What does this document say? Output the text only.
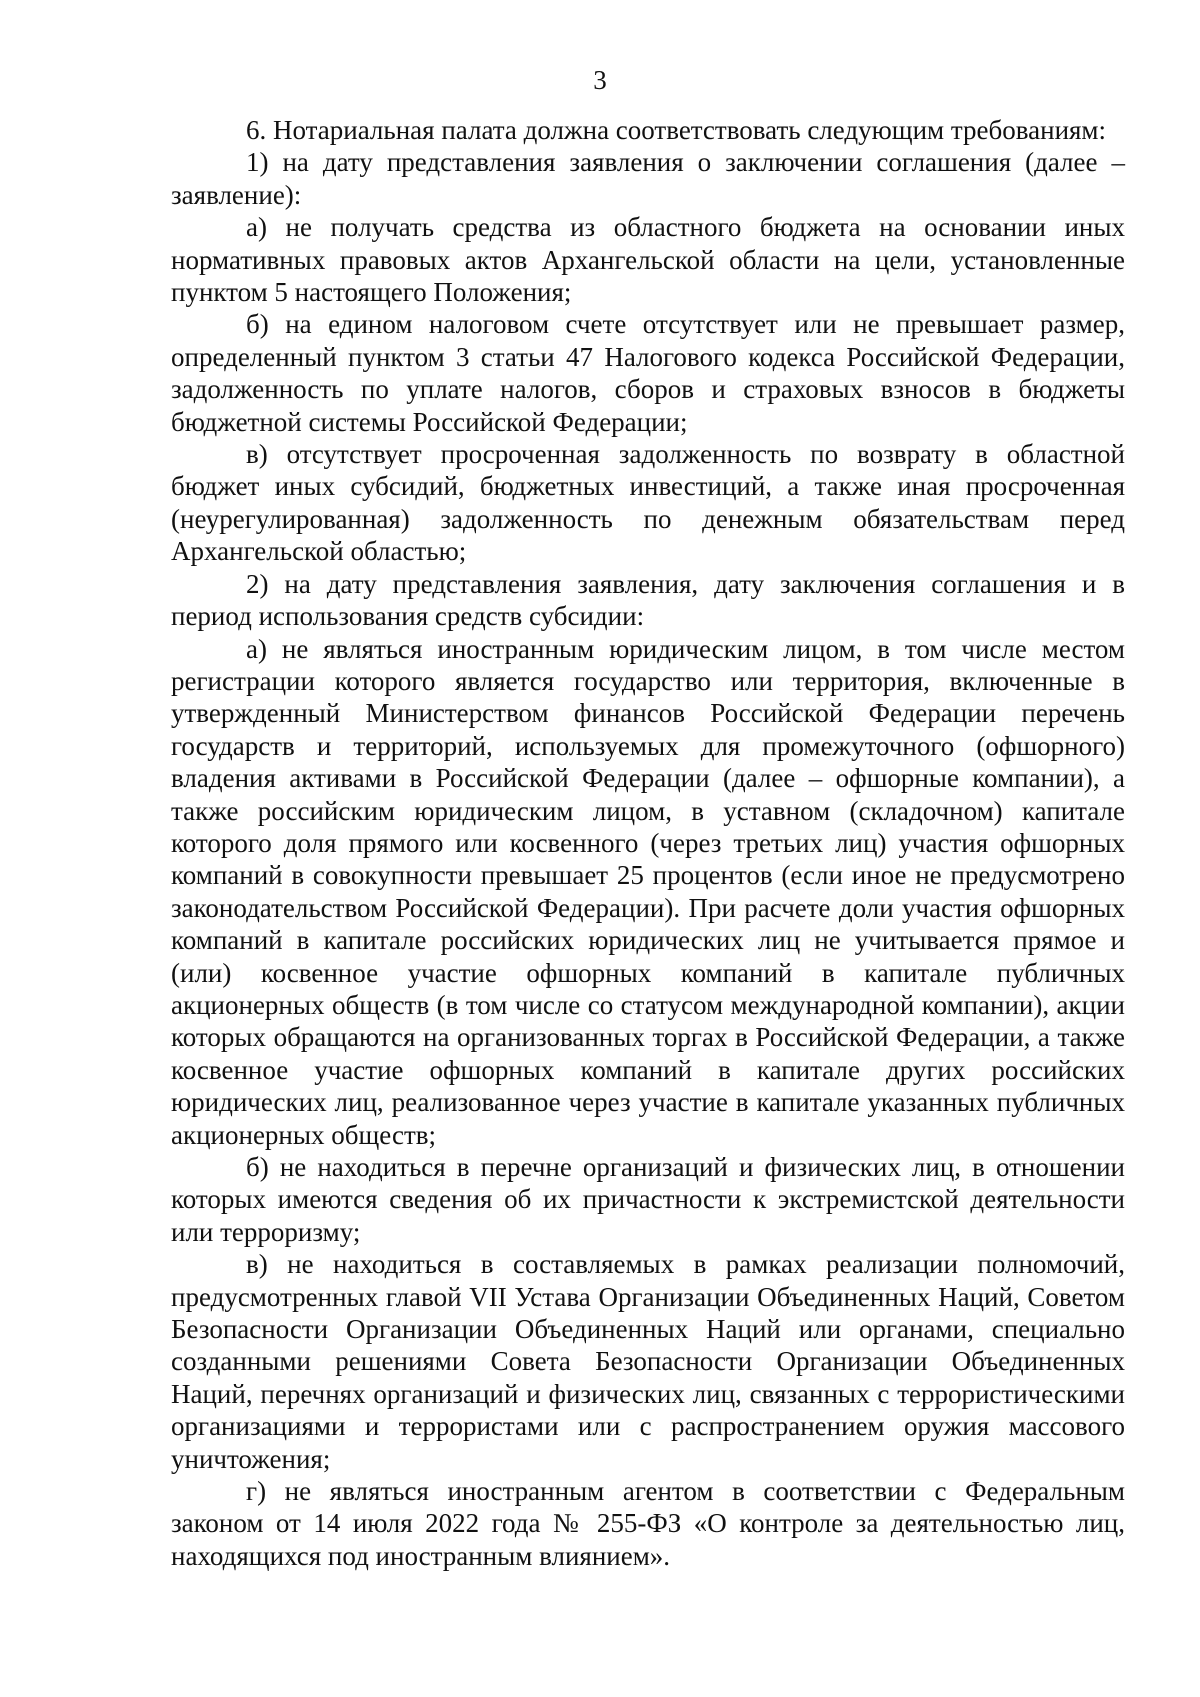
3

6. Нотариальная палата должна соответствовать следующим требованиям:

1) на дату представления заявления о заключении соглашения (далее – заявление):

а) не получать средства из областного бюджета на основании иных нормативных правовых актов Архангельской области на цели, установленные пунктом 5 настоящего Положения;

б) на едином налоговом счете отсутствует или не превышает размер, определенный пунктом 3 статьи 47 Налогового кодекса Российской Федерации, задолженность по уплате налогов, сборов и страховых взносов в бюджеты бюджетной системы Российской Федерации;

в) отсутствует просроченная задолженность по возврату в областной бюджет иных субсидий, бюджетных инвестиций, а также иная просроченная (неурегулированная) задолженность по денежным обязательствам перед Архангельской областью;

2) на дату представления заявления, дату заключения соглашения и в период использования средств субсидии:

а) не являться иностранным юридическим лицом, в том числе местом регистрации которого является государство или территория, включенные в утвержденный Министерством финансов Российской Федерации перечень государств и территорий, используемых для промежуточного (офшорного) владения активами в Российской Федерации (далее – офшорные компании), а также российским юридическим лицом, в уставном (складочном) капитале которого доля прямого или косвенного (через третьих лиц) участия офшорных компаний в совокупности превышает 25 процентов (если иное не предусмотрено законодательством Российской Федерации). При расчете доли участия офшорных компаний в капитале российских юридических лиц не учитывается прямое и (или) косвенное участие офшорных компаний в капитале публичных акционерных обществ (в том числе со статусом международной компании), акции которых обращаются на организованных торгах в Российской Федерации, а также косвенное участие офшорных компаний в капитале других российских юридических лиц, реализованное через участие в капитале указанных публичных акционерных обществ;

б) не находиться в перечне организаций и физических лиц, в отношении которых имеются сведения об их причастности к экстремистской деятельности или терроризму;

в) не находиться в составляемых в рамках реализации полномочий, предусмотренных главой VII Устава Организации Объединенных Наций, Советом Безопасности Организации Объединенных Наций или органами, специально созданными решениями Совета Безопасности Организации Объединенных Наций, перечнях организаций и физических лиц, связанных с террористическими организациями и террористами или с распространением оружия массового уничтожения;

г) не являться иностранным агентом в соответствии с Федеральным законом от 14 июля 2022 года № 255-ФЗ «О контроле за деятельностью лиц, находящихся под иностранным влиянием».
